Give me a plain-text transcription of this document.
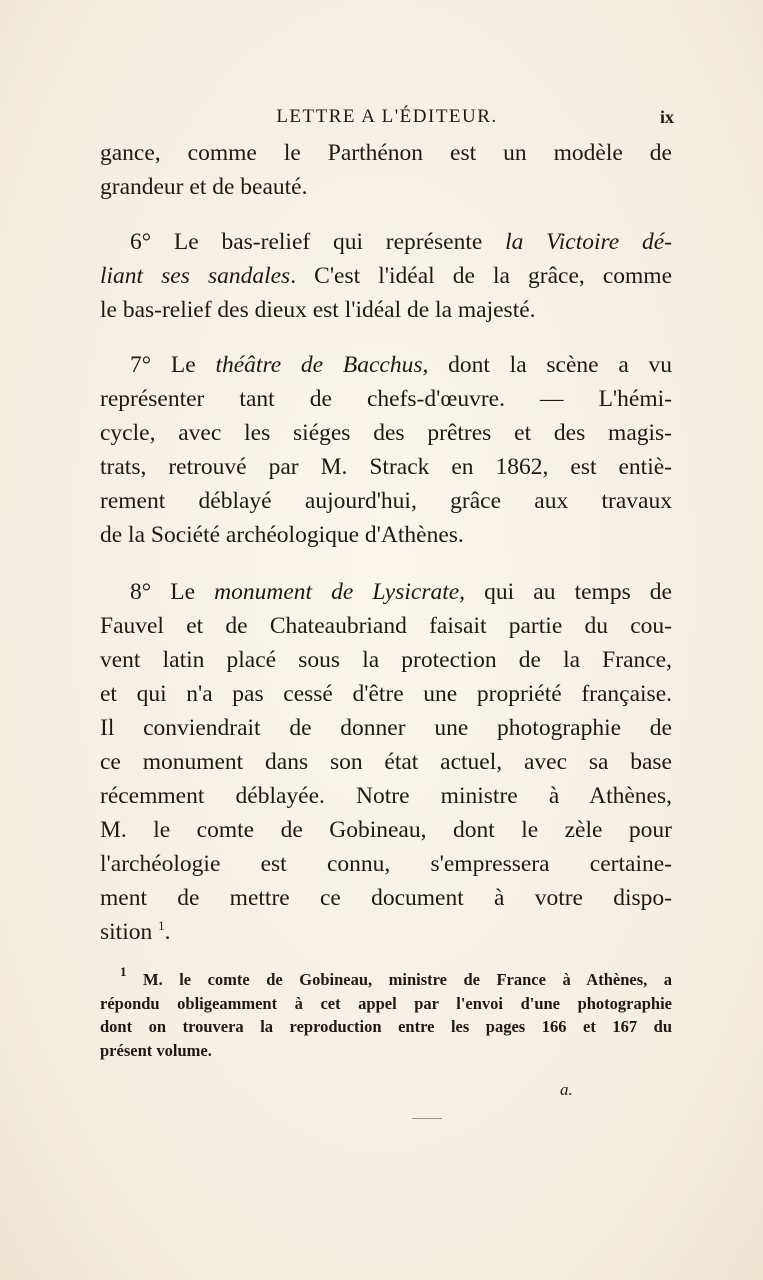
LETTRE A L'ÉDITEUR.	ix
gance, comme le Parthénon est un modèle de
grandeur et de beauté.
6° Le bas-relief qui représente la Victoire dé-
liant ses sandales. C'est l'idéal de la grâce, comme
le bas-relief des dieux est l'idéal de la majesté.
7° Le théâtre de Bacchus, dont la scène a vu
représenter tant de chefs-d'œuvre. — L'hémi-
cycle, avec les siéges des prêtres et des magis-
trats, retrouvé par M. Strack en 1862, est entiè-
rement déblayé aujourd'hui, grâce aux travaux
de la Société archéologique d'Athènes.
8° Le monument de Lysicrate, qui au temps de
Fauvel et de Chateaubriand faisait partie du cou-
vent latin placé sous la protection de la France,
et qui n'a pas cessé d'être une propriété française.
Il conviendrait de donner une photographie de
ce monument dans son état actuel, avec sa base
récemment déblayée. Notre ministre à Athènes,
M. le comte de Gobineau, dont le zèle pour
l'archéologie est connu, s'empressera certaine-
ment de mettre ce document à votre dispo-
sition $^1$.
$^1$ M. le comte de Gobineau, ministre de France à Athènes, a
répondu obligeamment à cet appel par l'envoi d'une photographie
dont on trouvera la reproduction entre les pages 166 et 167 du
présent volume.
a.
